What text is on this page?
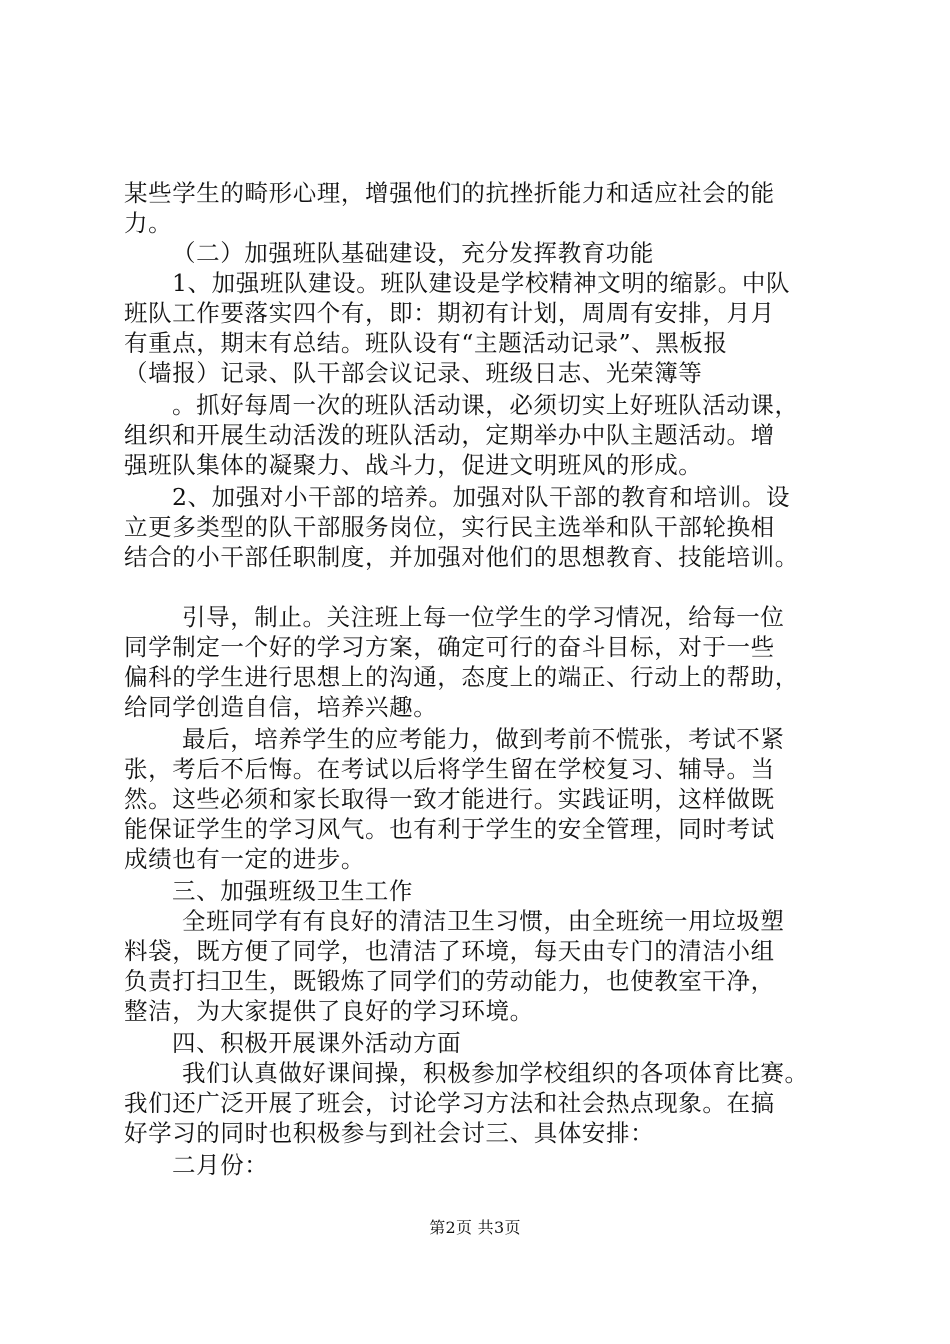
某些学生的畸形心理，增强他们的抗挫折能力和适应社会的能
力。
（二）加强班队基础建设，充分发挥教育功能
1、加强班队建设。班队建设是学校精神文明的缩影。中队
班队工作要落实四个有，即：期初有计划，周周有安排，月月
有重点，期末有总结。班队设有“主题活动记录”、黑板报
（墙报）记录、队干部会议记录、班级日志、光荣簿等
。抓好每周一次的班队活动课，必须切实上好班队活动课，
组织和开展生动活泼的班队活动，定期举办中队主题活动。增
强班队集体的凝聚力、战斗力，促进文明班风的形成。
2、加强对小干部的培养。加强对队干部的教育和培训。设
立更多类型的队干部服务岗位，实行民主选举和队干部轮换相
结合的小干部任职制度，并加强对他们的思想教育、技能培训。
引导，制止。关注班上每一位学生的学习情况，给每一位
同学制定一个好的学习方案，确定可行的奋斗目标，对于一些
偏科的学生进行思想上的沟通，态度上的端正、行动上的帮助，
给同学创造自信，培养兴趣。
最后，培养学生的应考能力，做到考前不慌张，考试不紧
张，考后不后悔。在考试以后将学生留在学校复习、辅导。当
然。这些必须和家长取得一致才能进行。实践证明，这样做既
能保证学生的学习风气。也有利于学生的安全管理，同时考试
成绩也有一定的进步。
三、加强班级卫生工作
全班同学有有良好的清洁卫生习惯，由全班统一用垃圾塑
料袋，既方便了同学，也清洁了环境，每天由专门的清洁小组
负责打扫卫生，既锻炼了同学们的劳动能力，也使教室干净，
整洁，为大家提供了良好的学习环境。
四、积极开展课外活动方面
我们认真做好课间操，积极参加学校组织的各项体育比赛。
我们还广泛开展了班会，讨论学习方法和社会热点现象。在搞
好学习的同时也积极参与到社会讨三、具体安排：
二月份：
第2页 共3页
